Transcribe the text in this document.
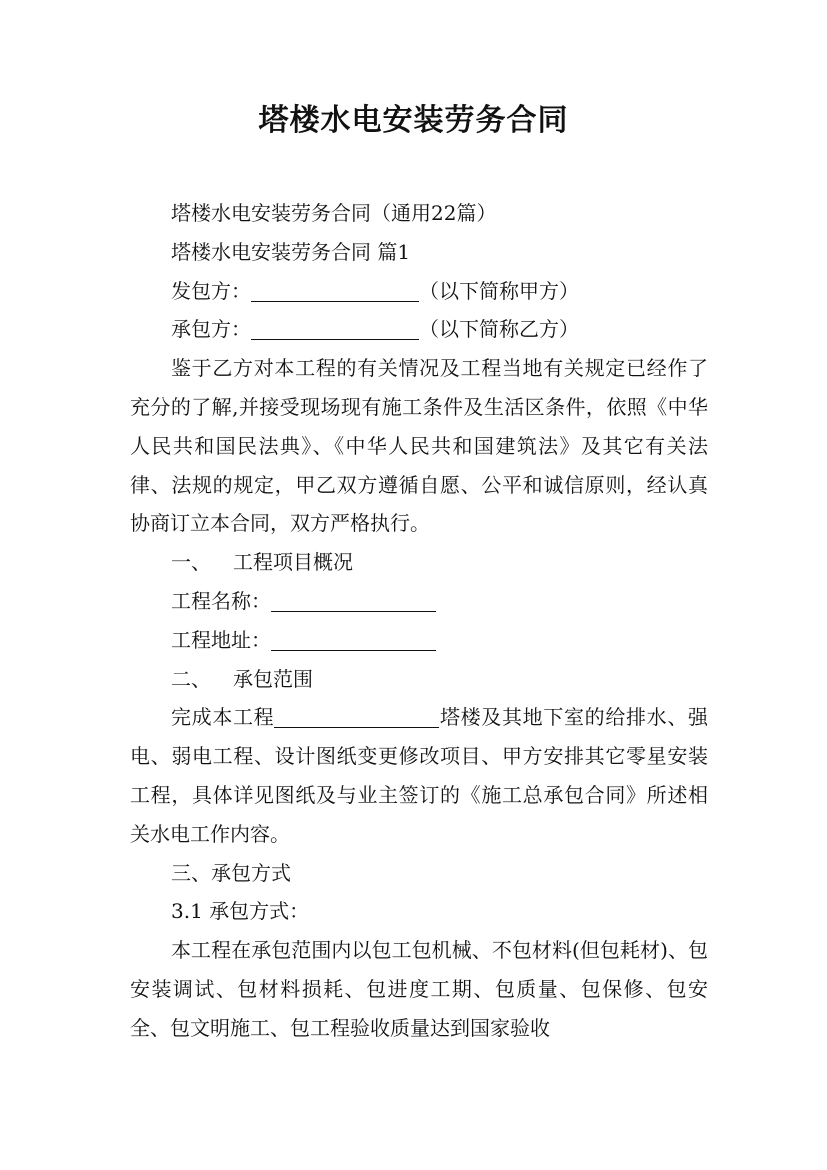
塔楼水电安装劳务合同
塔楼水电安装劳务合同（通用22篇）
塔楼水电安装劳务合同 篇1
发包方：	（以下简称甲方）
承包方：	（以下简称乙方）
鉴于乙方对本工程的有关情况及工程当地有关规定已经作了充分的了解,并接受现场现有施工条件及生活区条件，依照《中华人民共和国民法典》、《中华人民共和国建筑法》及其它有关法律、法规的规定，甲乙双方遵循自愿、公平和诚信原则，经认真协商订立本合同，双方严格执行。
一、 工程项目概况
工程名称：
工程地址：
二、 承包范围
完成本工程	塔楼及其地下室的给排水、强电、弱电工程、设计图纸变更修改项目、甲方安排其它零星安装工程，具体详见图纸及与业主签订的《施工总承包合同》所述相关水电工作内容。
三、承包方式
3.1 承包方式：
本工程在承包范围内以包工包机械、不包材料(但包耗材)、包安装调试、包材料损耗、包进度工期、包质量、包保修、包安全、包文明施工、包工程验收质量达到国家验收
